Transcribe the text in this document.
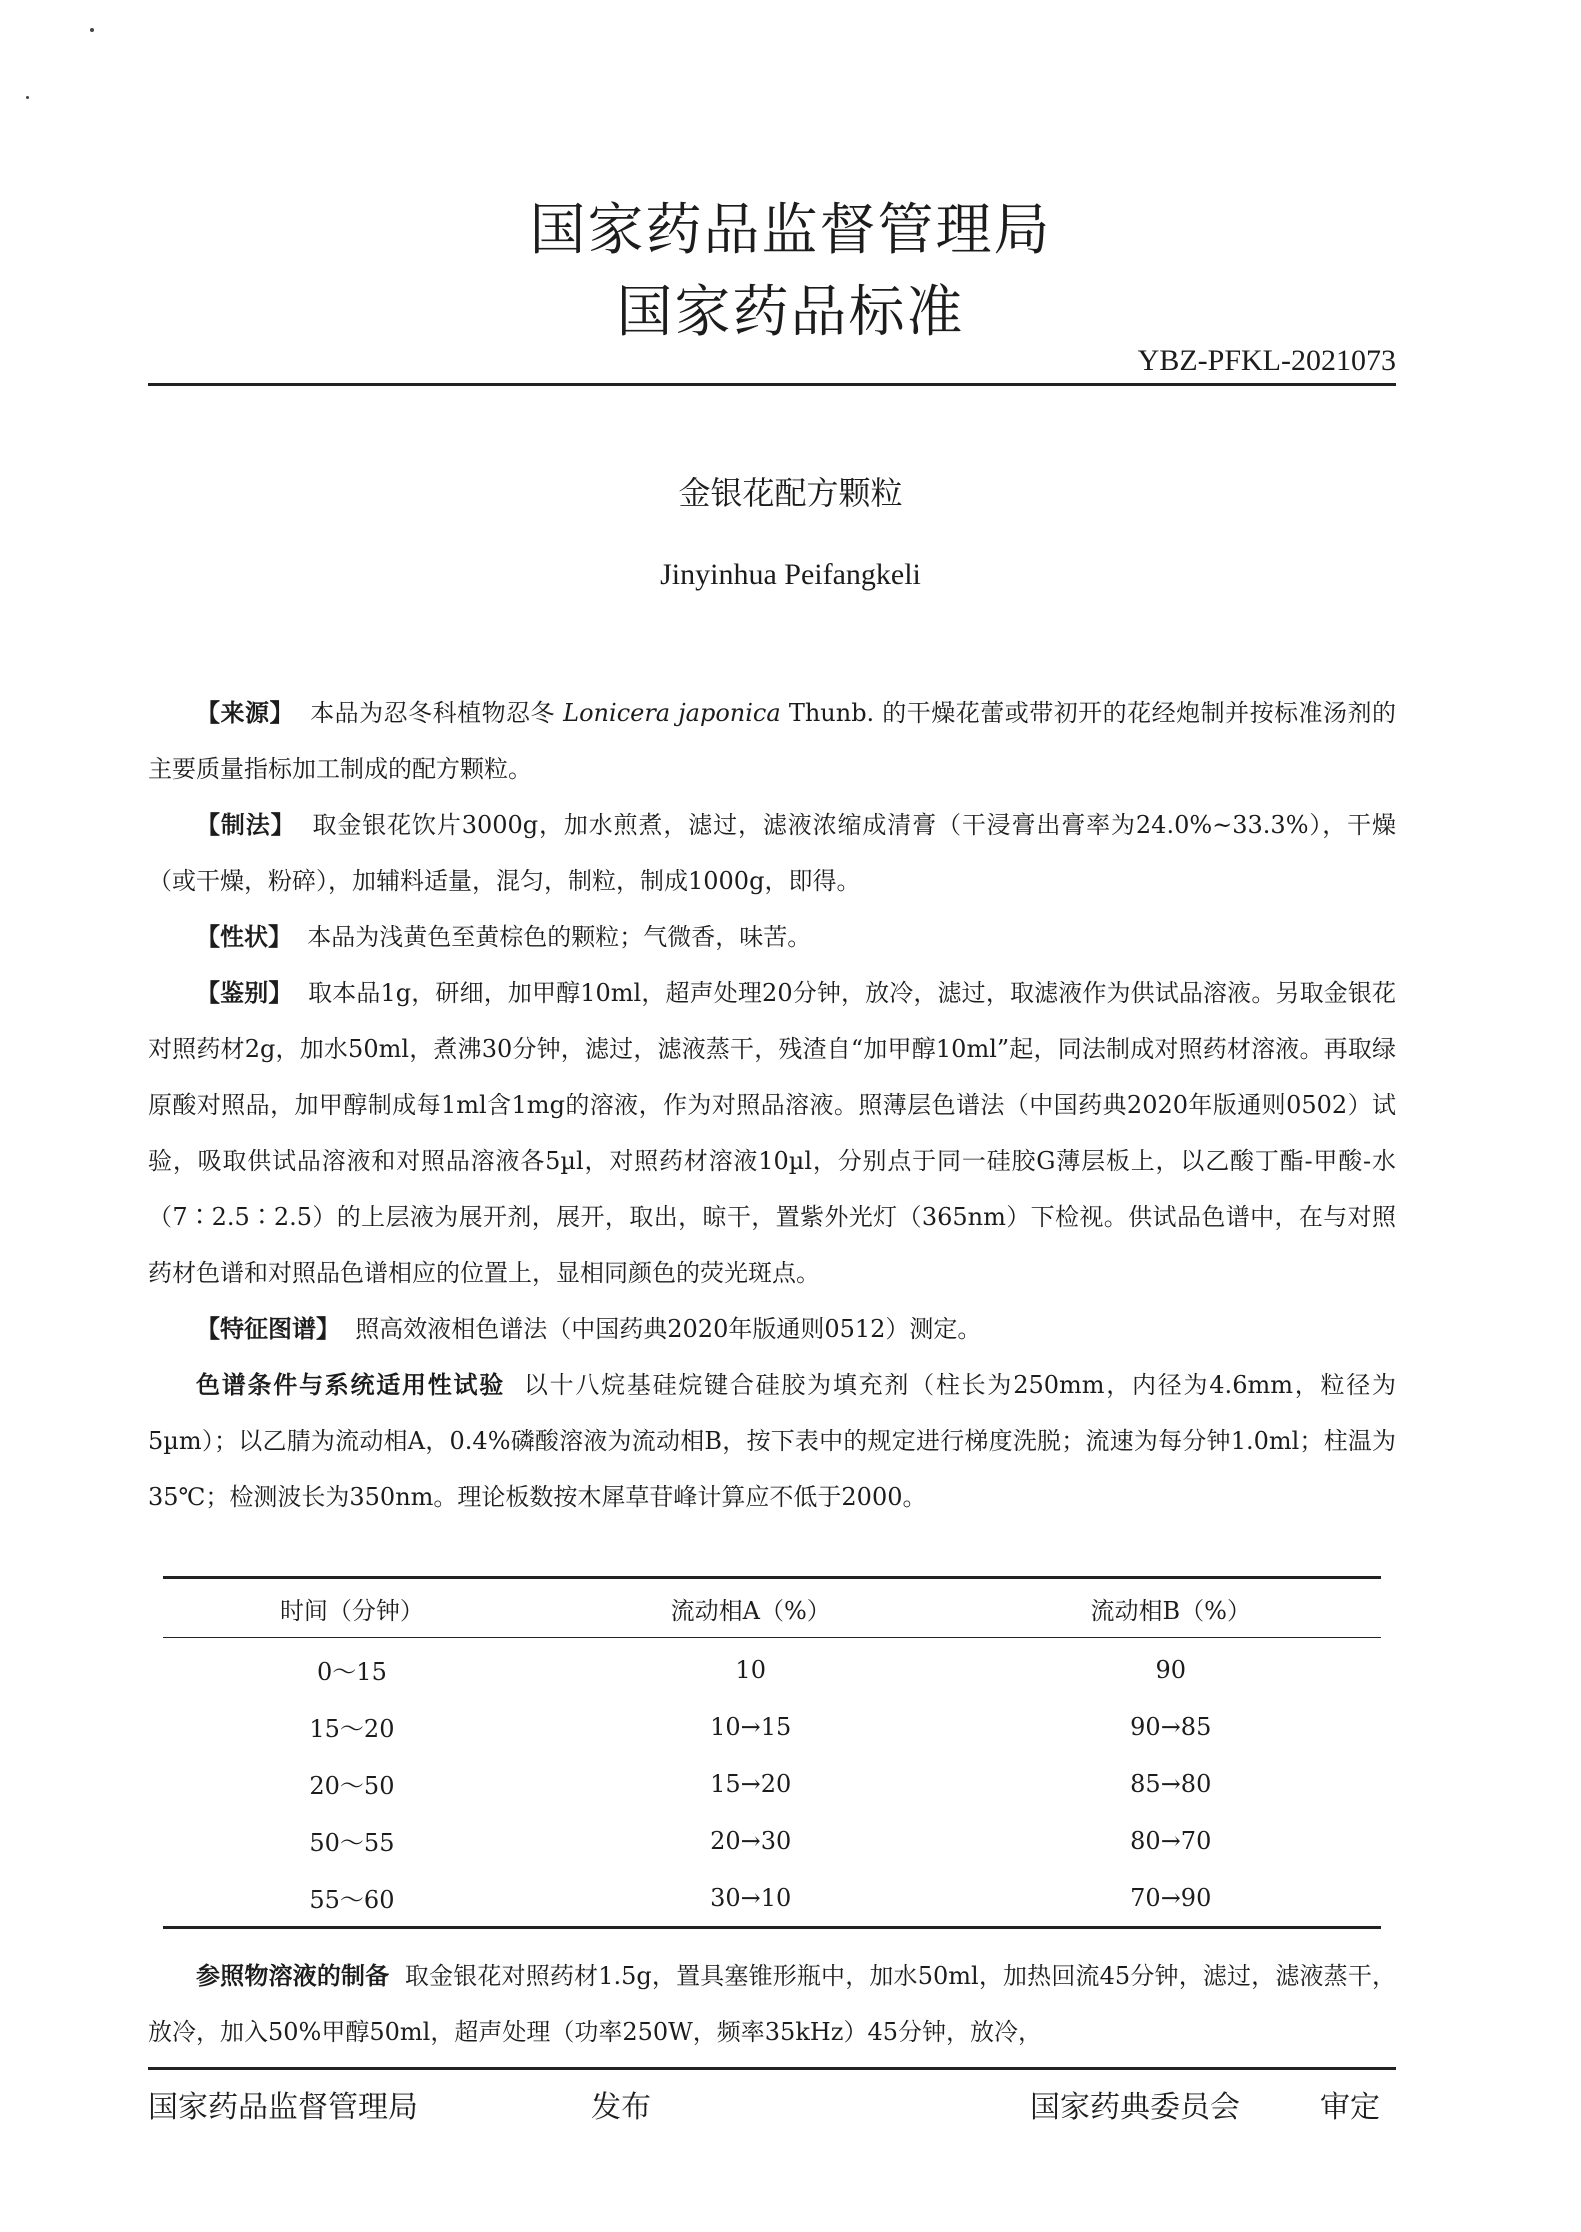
国家药品监督管理局
国家药品标准
YBZ-PFKL-2021073
金银花配方颗粒
Jinyinhua Peifangkeli

【来源】 本品为忍冬科植物忍冬 Lonicera japonica Thunb. 的干燥花蕾或带初开的花经炮制并按标准汤剂的主要质量指标加工制成的配方颗粒。

【制法】 取金银花饮片3000g，加水煎煮，滤过，滤液浓缩成清膏（干浸膏出膏率为24.0%~33.3%），干燥（或干燥，粉碎），加辅料适量，混匀，制粒，制成1000g，即得。

【性状】 本品为浅黄色至黄棕色的颗粒；气微香，味苦。

【鉴别】 取本品1g，研细，加甲醇10ml，超声处理20分钟，放冷，滤过，取滤液作为供试品溶液。另取金银花对照药材2g，加水50ml，煮沸30分钟，滤过，滤液蒸干，残渣自“加甲醇10ml”起，同法制成对照药材溶液。再取绿原酸对照品，加甲醇制成每1ml含1mg的溶液，作为对照品溶液。照薄层色谱法（中国药典2020年版通则0502）试验，吸取供试品溶液和对照品溶液各5µl，对照药材溶液10µl，分别点于同一硅胶G薄层板上，以乙酸丁酯-甲酸-水（7∶2.5∶2.5）的上层液为展开剂，展开，取出，晾干，置紫外光灯（365nm）下检视。供试品色谱中，在与对照药材色谱和对照品色谱相应的位置上，显相同颜色的荧光斑点。

【特征图谱】 照高效液相色谱法（中国药典2020年版通则0512）测定。

色谱条件与系统适用性试验 以十八烷基硅烷键合硅胶为填充剂（柱长为250mm，内径为4.6mm，粒径为5µm）；以乙腈为流动相A，0.4%磷酸溶液为流动相B，按下表中的规定进行梯度洗脱；流速为每分钟1.0ml；柱温为35℃；检测波长为350nm。理论板数按木犀草苷峰计算应不低于2000。

时间（分钟）	流动相A（%）	流动相B（%）
0～15	10	90
15～20	10→15	90→85
20～50	15→20	85→80
50～55	20→30	80→70
55～60	30→10	70→90

参照物溶液的制备 取金银花对照药材1.5g，置具塞锥形瓶中，加水50ml，加热回流45分钟，滤过，滤液蒸干，放冷，加入50%甲醇50ml，超声处理（功率250W，频率35kHz）45分钟，放冷，

国家药品监督管理局	发布	国家药典委员会	审定
